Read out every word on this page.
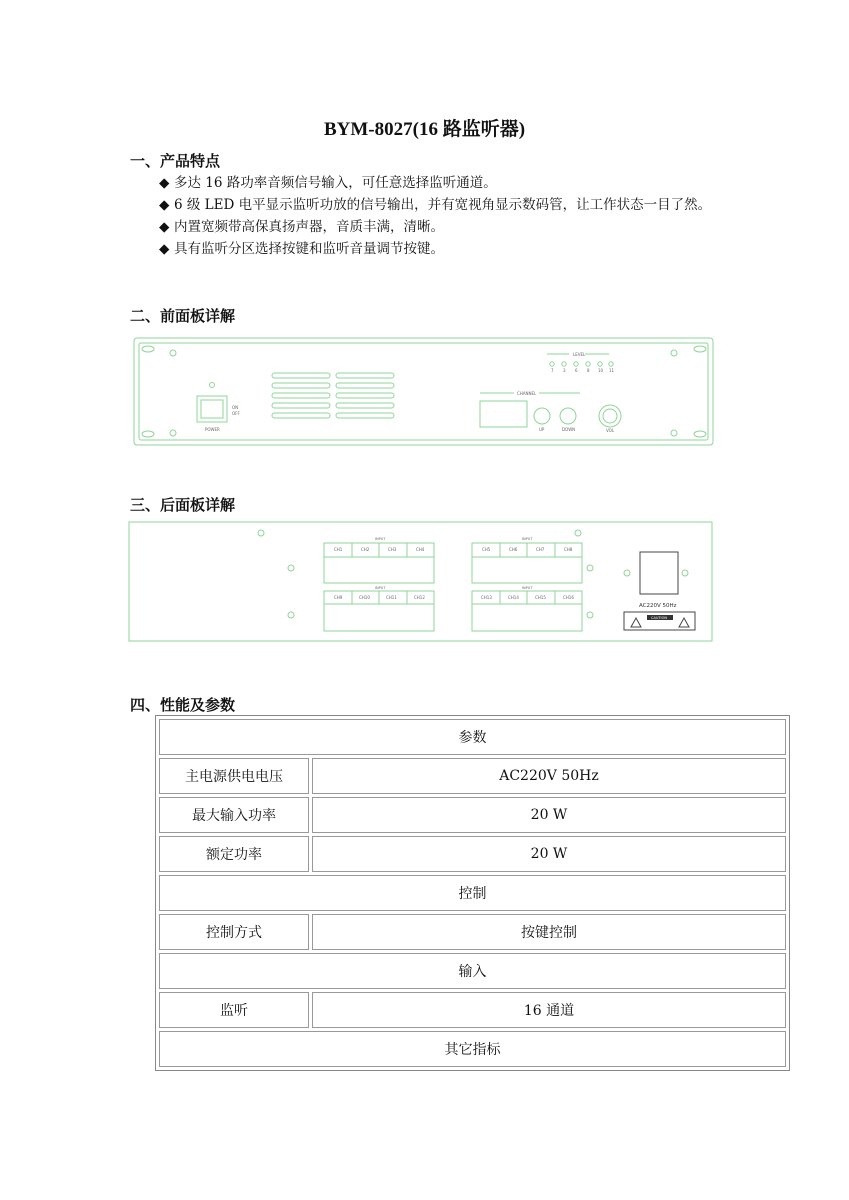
BYM-8027(16 路监听器)
一、产品特点
◆ 多达 16 路功率音频信号输入，可任意选择监听通道。
◆ 6 级 LED 电平显示监听功放的信号输出，并有宽视角显示数码管，让工作状态一目了然。
◆ 内置宽频带高保真扬声器，音质丰满，清晰。
◆ 具有监听分区选择按键和监听音量调节按键。
二、前面板详解
ON
OFF
POWER
LEVEL
7 3 6 8 10 11
CHANNEL
UP	DOWN	VOL
三、后面板详解
INPUT
CH1	CH2	CH3	CH4
INPUT
CH5	CH6	CH7	CH8
INPUT
CH9	CH10	CH11	CH12
INPUT
CH13	CH14	CH15	CH16
AC220V 50Hz
CAUTION
四、性能及参数
参数	
主电源供电电压	AC220V 50Hz
最大输入功率	20 W
额定功率	20 W
控制	
控制方式	按键控制
输入	
监听	16 通道
其它指标	
